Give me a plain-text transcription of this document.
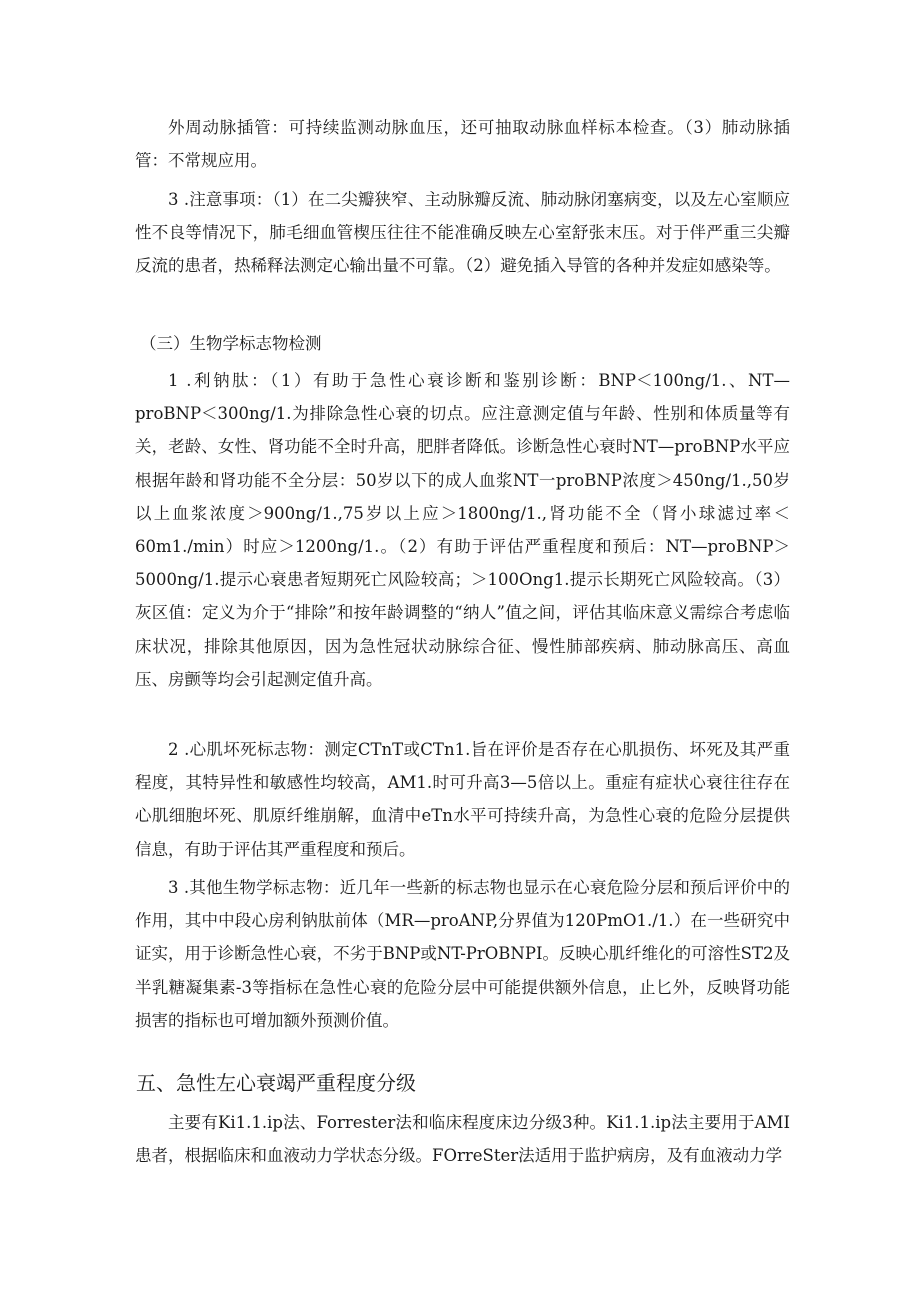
外周动脉插管：可持续监测动脉血压，还可抽取动脉血样标本检查。（3）肺动脉插管：不常规应用。

3 .注意事项：（1）在二尖瓣狭窄、主动脉瓣反流、肺动脉闭塞病变，以及左心室顺应性不良等情况下，肺毛细血管楔压往往不能准确反映左心室舒张末压。对于伴严重三尖瓣反流的患者，热稀释法测定心输出量不可靠。（2）避免插入导管的各种并发症如感染等。

（三）生物学标志物检测

1 .利钠肽：（1）有助于急性心衰诊断和鉴别诊断：BNP＜100ng/1.、NT—proBNP＜300ng/1.为排除急性心衰的切点。应注意测定值与年龄、性别和体质量等有关，老龄、女性、肾功能不全时升高，肥胖者降低。诊断急性心衰时NT—proBNP水平应根据年龄和肾功能不全分层：50岁以下的成人血浆NT一proBNP浓度＞450ng/1.,50岁以上血浆浓度＞900ng/1.,75岁以上应＞1800ng/1.,肾功能不全（肾小球滤过率＜60m1./min）时应＞1200ng/1.。（2）有助于评估严重程度和预后：NT—proBNP＞5000ng/1.提示心衰患者短期死亡风险较高；＞100Ong1.提示长期死亡风险较高。（3）灰区值：定义为介于“排除”和按年龄调整的“纳人”值之间，评估其临床意义需综合考虑临床状况，排除其他原因，因为急性冠状动脉综合征、慢性肺部疾病、肺动脉高压、高血压、房颤等均会引起测定值升高。

2 .心肌坏死标志物：测定CTnT或CTn1.旨在评价是否存在心肌损伤、坏死及其严重程度，其特异性和敏感性均较高，AM1.时可升高3—5倍以上。重症有症状心衰往往存在心肌细胞坏死、肌原纤维崩解，血清中eTn水平可持续升高，为急性心衰的危险分层提供信息，有助于评估其严重程度和预后。

3 .其他生物学标志物：近几年一些新的标志物也显示在心衰危险分层和预后评价中的作用，其中中段心房利钠肽前体（MR—proANP,分界值为120PmO1./1.）在一些研究中证实，用于诊断急性心衰，不劣于BNP或NT-PrOBNPI。反映心肌纤维化的可溶性ST2及半乳糖凝集素-3等指标在急性心衰的危险分层中可能提供额外信息，止匕外，反映肾功能损害的指标也可增加额外预测价值。

五、急性左心衰竭严重程度分级

主要有Ki1.1.ip法、Forrester法和临床程度床边分级3种。Ki1.1.ip法主要用于AMI患者，根据临床和血液动力学状态分级。FOrreSter法适用于监护病房，及有血液动力学
